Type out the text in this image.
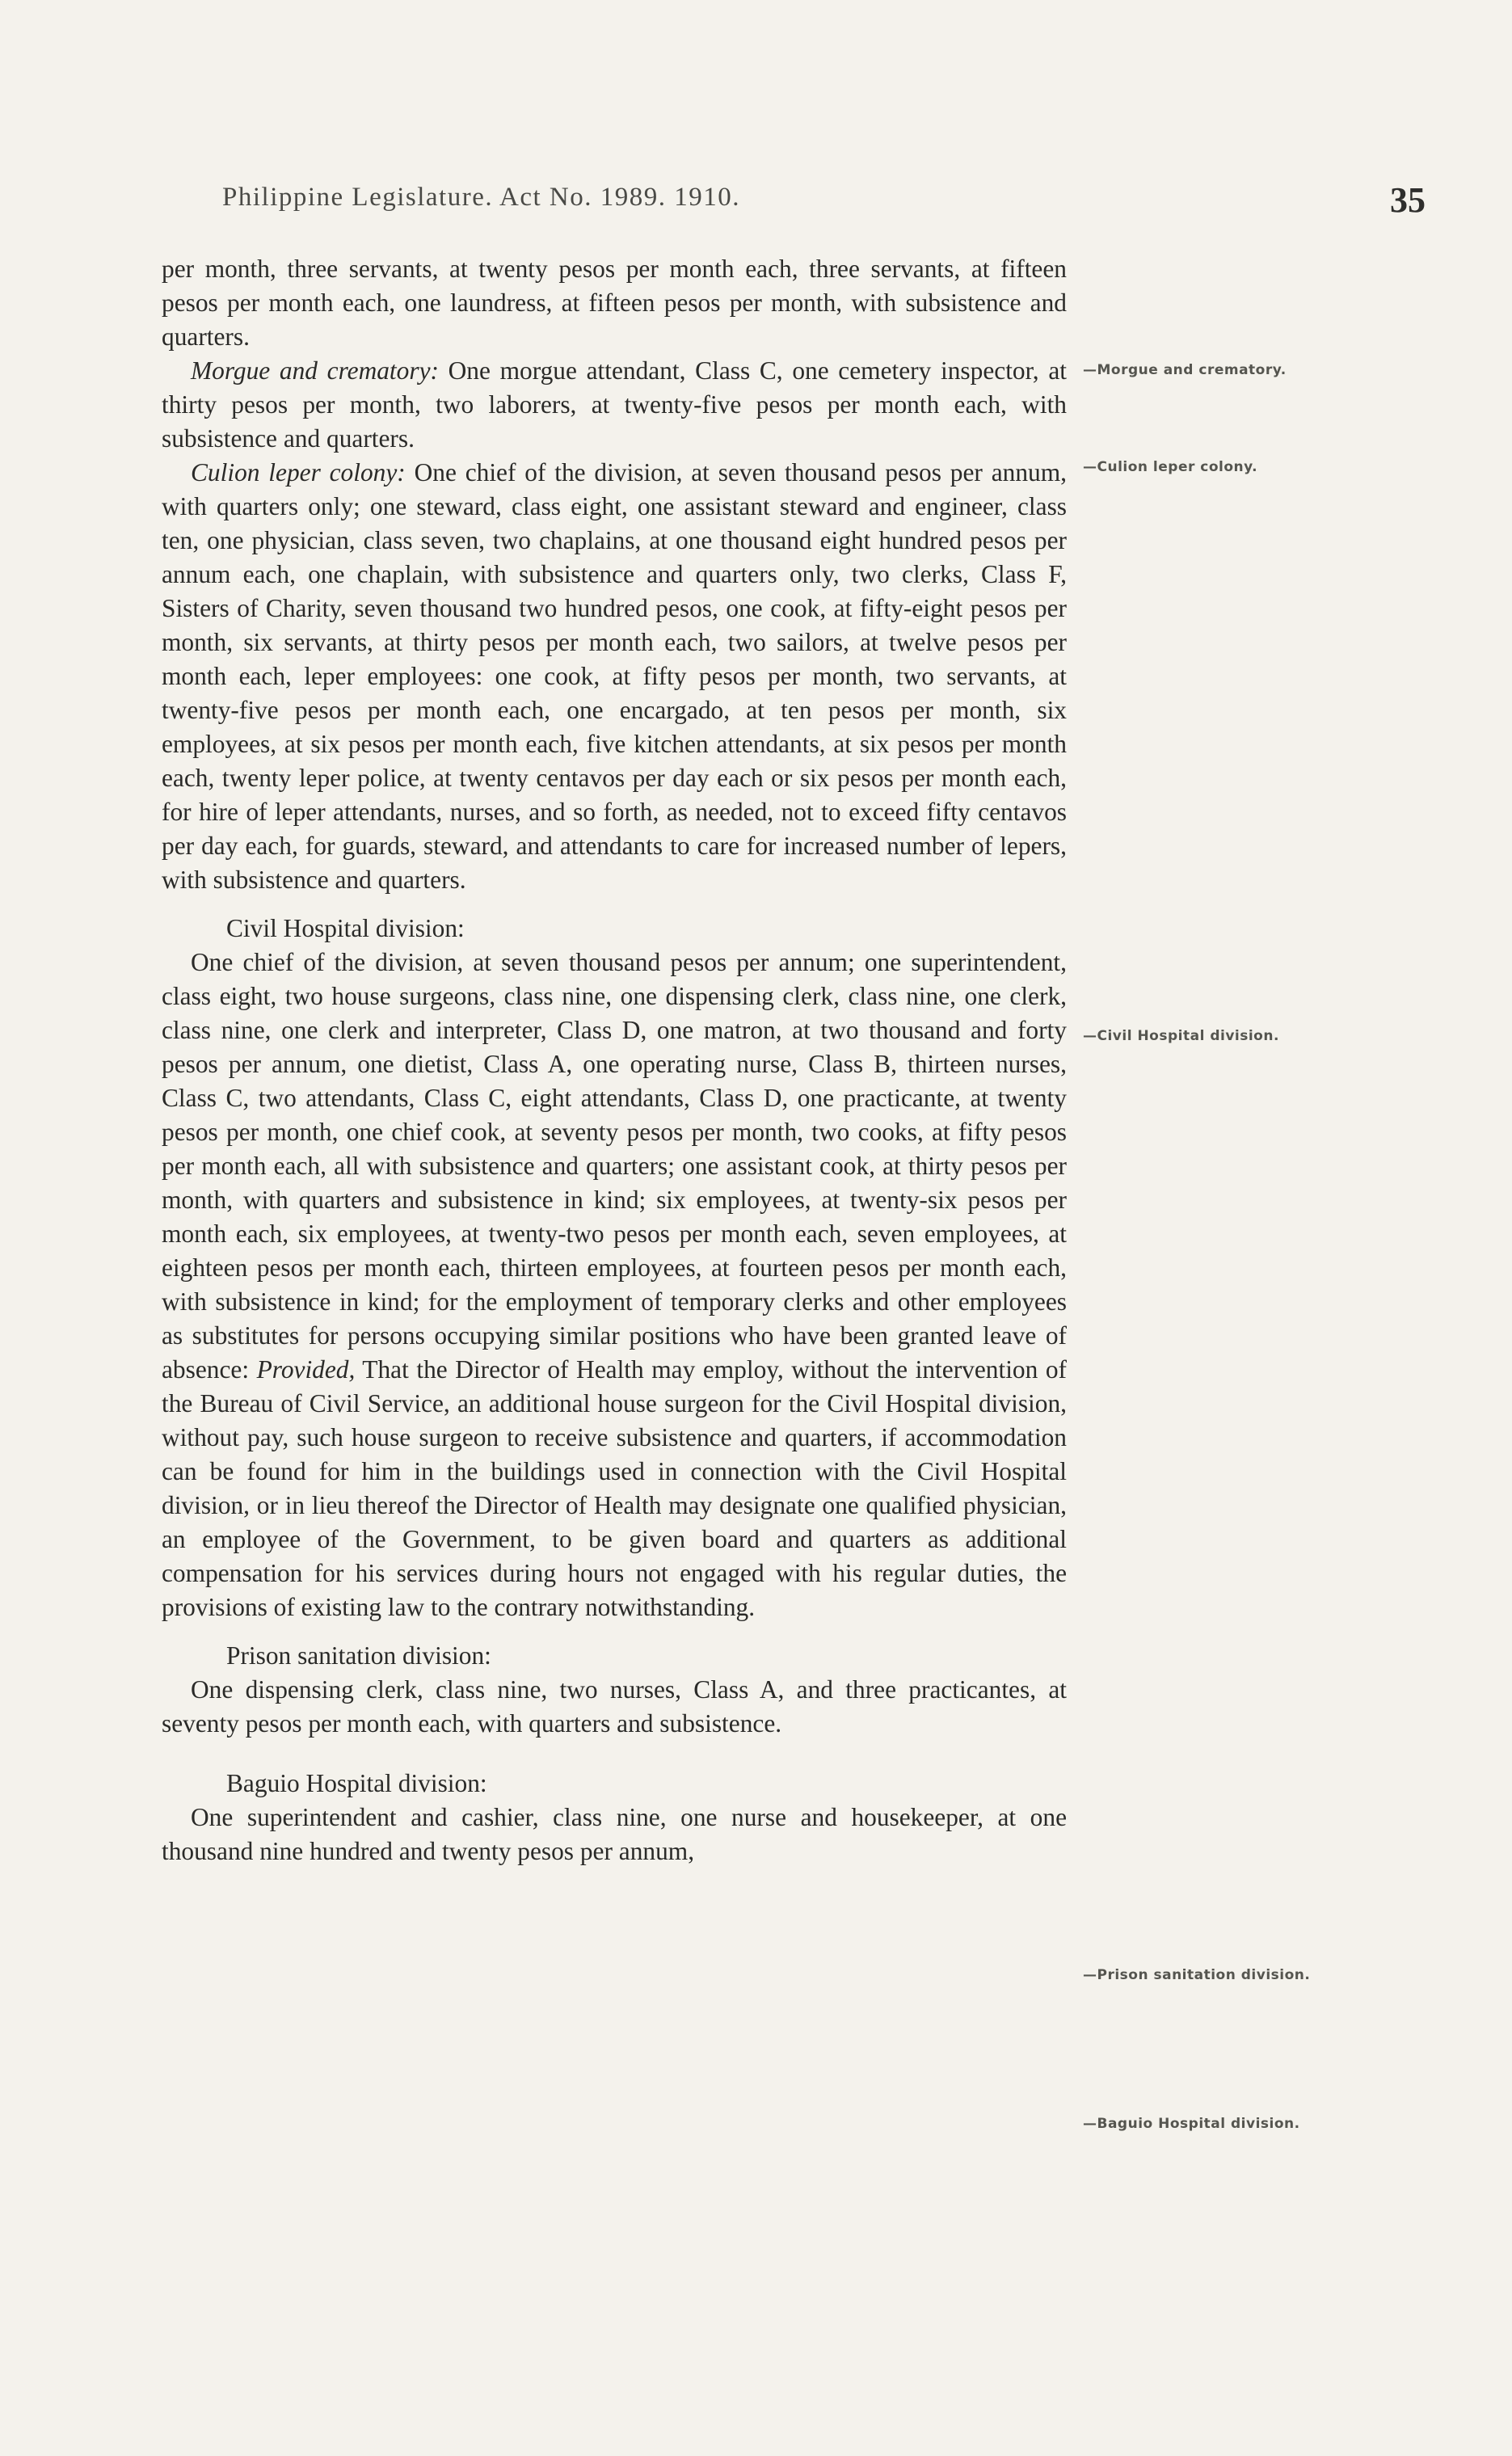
Philippine Legislature. Act No. 1989. 1910.	35

per month, three servants, at twenty pesos per month each, three servants, at fifteen pesos per month each, one laundress, at fifteen pesos per month, with subsistence and quarters.

Morgue and crematory: One morgue attendant, Class C, one cemetery inspector, at thirty pesos per month, two laborers, at twenty-five pesos per month each, with subsistence and quarters.

Culion leper colony: One chief of the division, at seven thousand pesos per annum, with quarters only; one steward, class eight, one assistant steward and engineer, class ten, one physician, class seven, two chaplains, at one thousand eight hundred pesos per annum each, one chaplain, with subsistence and quarters only, two clerks, Class F, Sisters of Charity, seven thousand two hundred pesos, one cook, at fifty-eight pesos per month, six servants, at thirty pesos per month each, two sailors, at twelve pesos per month each, leper employees: one cook, at fifty pesos per month, two servants, at twenty-five pesos per month each, one encargado, at ten pesos per month, six employees, at six pesos per month each, five kitchen attendants, at six pesos per month each, twenty leper police, at twenty centavos per day each or six pesos per month each, for hire of leper attendants, nurses, and so forth, as needed, not to exceed fifty centavos per day each, for guards, steward, and attendants to care for increased number of lepers, with subsistence and quarters.

Civil Hospital division:

One chief of the division, at seven thousand pesos per annum; one superintendent, class eight, two house surgeons, class nine, one dispensing clerk, class nine, one clerk, class nine, one clerk and interpreter, Class D, one matron, at two thousand and forty pesos per annum, one dietist, Class A, one operating nurse, Class B, thirteen nurses, Class C, two attendants, Class C, eight attendants, Class D, one practicante, at twenty pesos per month, one chief cook, at seventy pesos per month, two cooks, at fifty pesos per month each, all with subsistence and quarters; one assistant cook, at thirty pesos per month, with quarters and subsistence in kind; six employees, at twenty-six pesos per month each, six employees, at twenty-two pesos per month each, seven employees, at eighteen pesos per month each, thirteen employees, at fourteen pesos per month each, with subsistence in kind; for the employment of temporary clerks and other employees as substitutes for persons occupying similar positions who have been granted leave of absence: Provided, That the Director of Health may employ, without the intervention of the Bureau of Civil Service, an additional house surgeon for the Civil Hospital division, without pay, such house surgeon to receive subsistence and quarters, if accommodation can be found for him in the buildings used in connection with the Civil Hospital division, or in lieu thereof the Director of Health may designate one qualified physician, an employee of the Government, to be given board and quarters as additional compensation for his services during hours not engaged with his regular duties, the provisions of existing law to the contrary notwithstanding.

Prison sanitation division:

One dispensing clerk, class nine, two nurses, Class A, and three practicantes, at seventy pesos per month each, with quarters and subsistence.

Baguio Hospital division:

One superintendent and cashier, class nine, one nurse and housekeeper, at one thousand nine hundred and twenty pesos per annum,

—Morgue and crematory.
—Culion leper colony.
—Civil Hospital division.
—Prison sanitation division.
—Baguio Hospital division.
